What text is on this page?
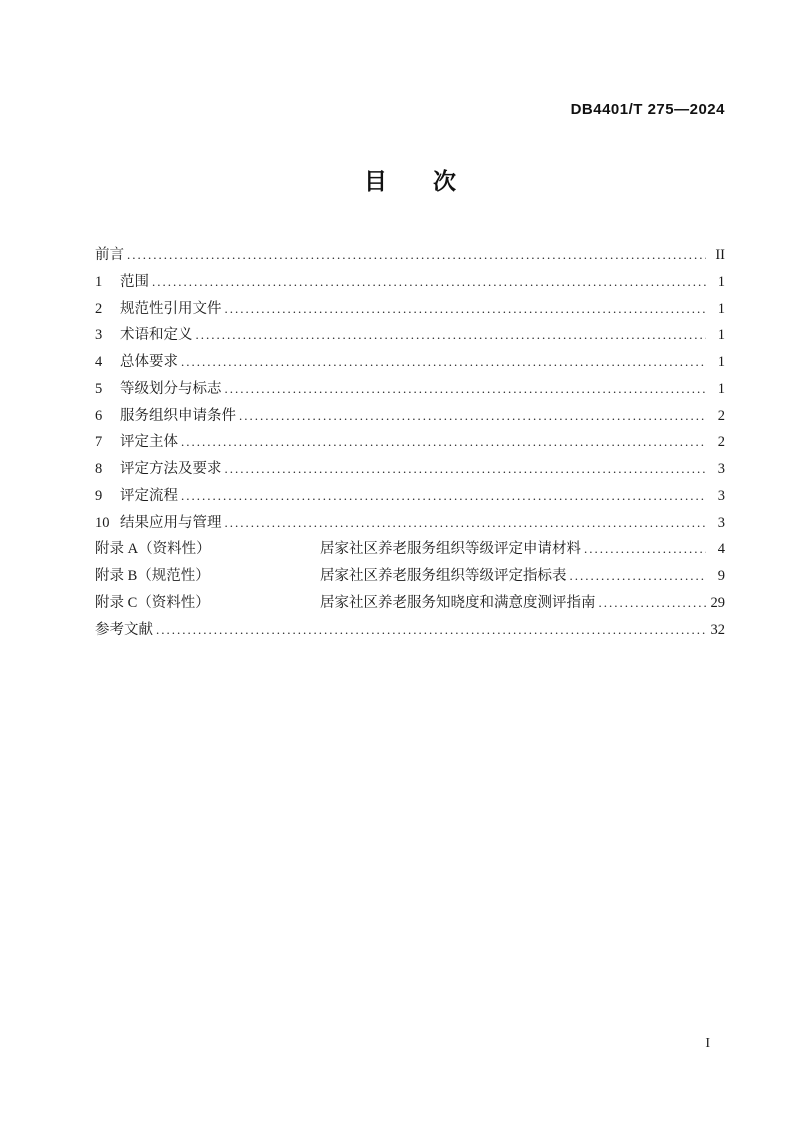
DB4401/T 275—2024
目 次
前言 .....	II
1	范围 .....	1
2	规范性引用文件 .....	1
3	术语和定义 .....	1
4	总体要求 .....	1
5	等级划分与标志 .....	1
6	服务组织申请条件 .....	2
7	评定主体 .....	2
8	评定方法及要求 .....	3
9	评定流程 .....	3
10 结果应用与管理 .....	3
附录 A（资料性）	居家社区养老服务组织等级评定申请材料 .....	4
附录 B（规范性）	居家社区养老服务组织等级评定指标表 .....	9
附录 C（资料性）	居家社区养老服务知晓度和满意度测评指南 .....	29
参考文献 .....	32
I
